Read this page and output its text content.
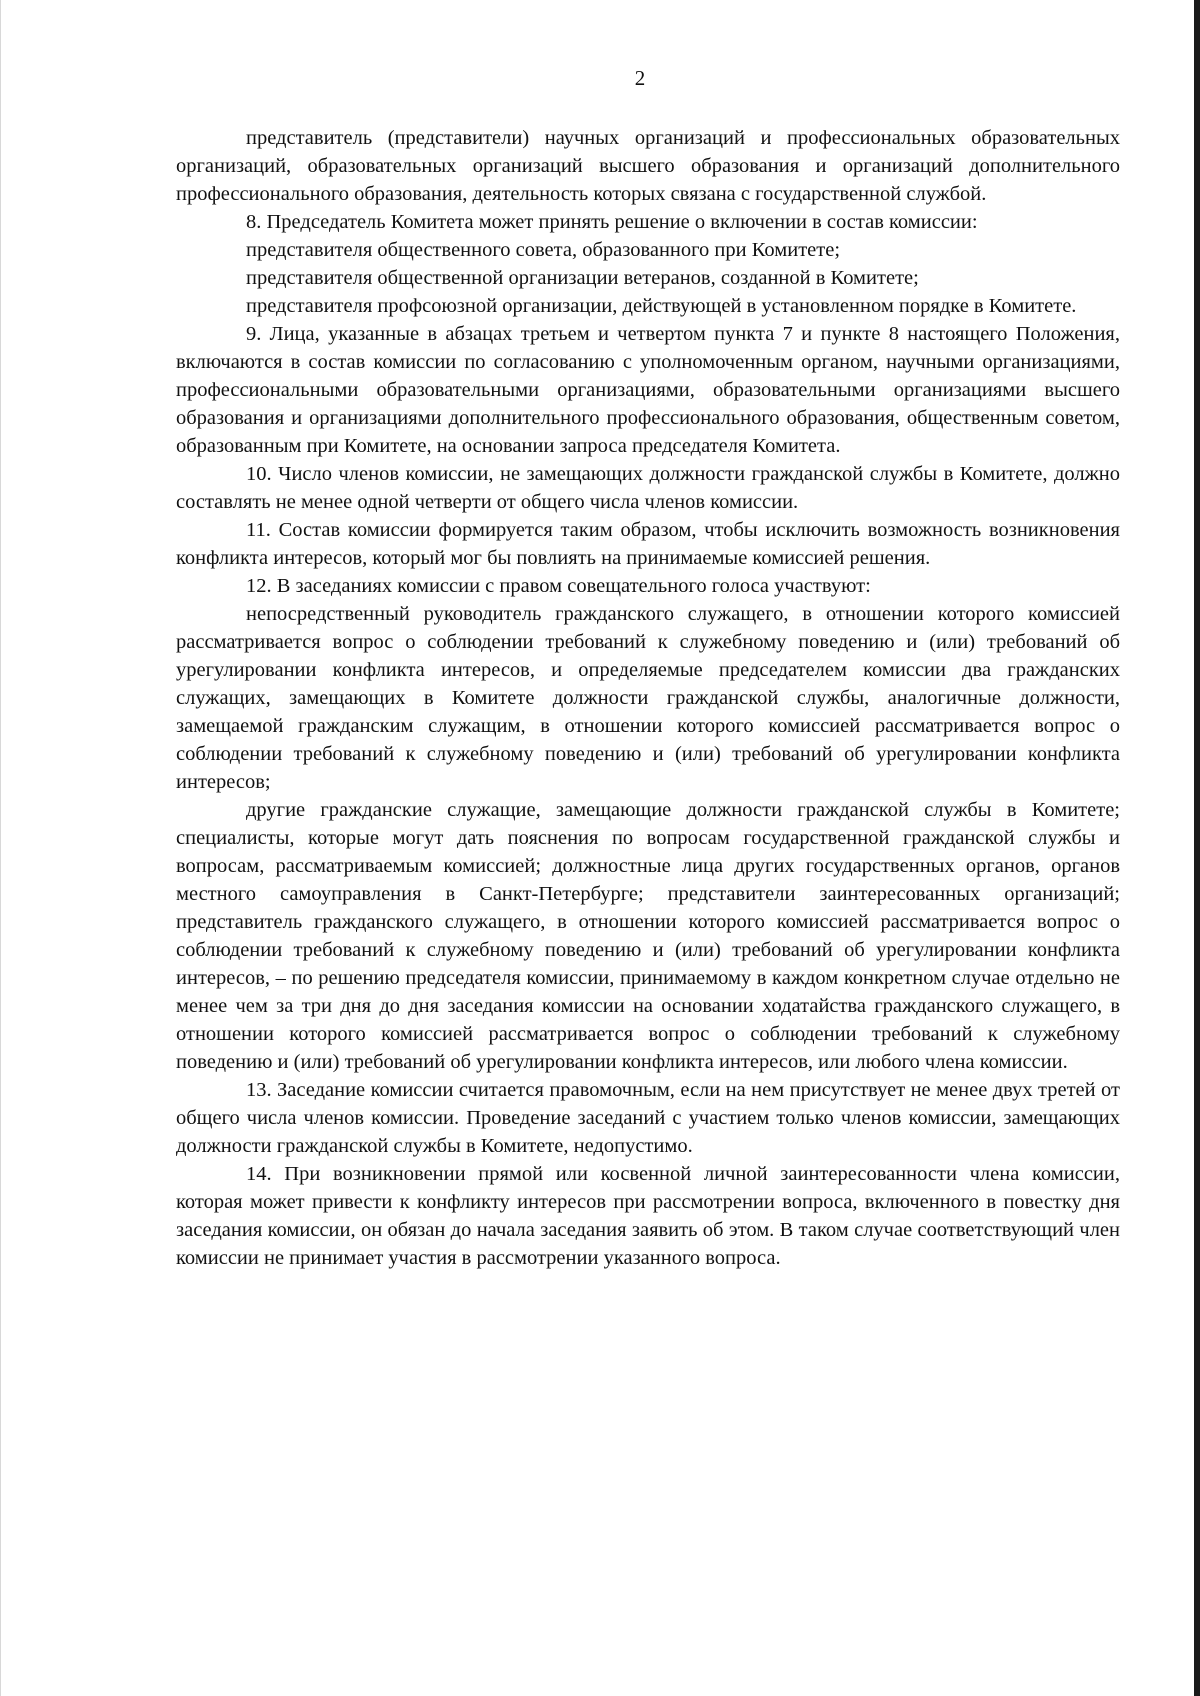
2

представитель (представители) научных организаций и профессиональных образовательных организаций, образовательных организаций высшего образования и организаций дополнительного профессионального образования, деятельность которых связана с государственной службой.

8. Председатель Комитета может принять решение о включении в состав комиссии:

представителя общественного совета, образованного при Комитете;

представителя общественной организации ветеранов, созданной в Комитете;

представителя профсоюзной организации, действующей в установленном порядке в Комитете.

9. Лица, указанные в абзацах третьем и четвертом пункта 7 и пункте 8 настоящего Положения, включаются в состав комиссии по согласованию с уполномоченным органом, научными организациями, профессиональными образовательными организациями, образовательными организациями высшего образования и организациями дополнительного профессионального образования, общественным советом, образованным при Комитете, на основании запроса председателя Комитета.

10. Число членов комиссии, не замещающих должности гражданской службы в Комитете, должно составлять не менее одной четверти от общего числа членов комиссии.

11. Состав комиссии формируется таким образом, чтобы исключить возможность возникновения конфликта интересов, который мог бы повлиять на принимаемые комиссией решения.

12. В заседаниях комиссии с правом совещательного голоса участвуют:

непосредственный руководитель гражданского служащего, в отношении которого комиссией рассматривается вопрос о соблюдении требований к служебному поведению и (или) требований об урегулировании конфликта интересов, и определяемые председателем комиссии два гражданских служащих, замещающих в Комитете должности гражданской службы, аналогичные должности, замещаемой гражданским служащим, в отношении которого комиссией рассматривается вопрос о соблюдении требований к служебному поведению и (или) требований об урегулировании конфликта интересов;

другие гражданские служащие, замещающие должности гражданской службы в Комитете; специалисты, которые могут дать пояснения по вопросам государственной гражданской службы и вопросам, рассматриваемым комиссией; должностные лица других государственных органов, органов местного самоуправления в Санкт-Петербурге; представители заинтересованных организаций; представитель гражданского служащего, в отношении которого комиссией рассматривается вопрос о соблюдении требований к служебному поведению и (или) требований об урегулировании конфликта интересов, – по решению председателя комиссии, принимаемому в каждом конкретном случае отдельно не менее чем за три дня до дня заседания комиссии на основании ходатайства гражданского служащего, в отношении которого комиссией рассматривается вопрос о соблюдении требований к служебному поведению и (или) требований об урегулировании конфликта интересов, или любого члена комиссии.

13. Заседание комиссии считается правомочным, если на нем присутствует не менее двух третей от общего числа членов комиссии. Проведение заседаний с участием только членов комиссии, замещающих должности гражданской службы в Комитете, недопустимо.

14. При возникновении прямой или косвенной личной заинтересованности члена комиссии, которая может привести к конфликту интересов при рассмотрении вопроса, включенного в повестку дня заседания комиссии, он обязан до начала заседания заявить об этом. В таком случае соответствующий член комиссии не принимает участия в рассмотрении указанного вопроса.
